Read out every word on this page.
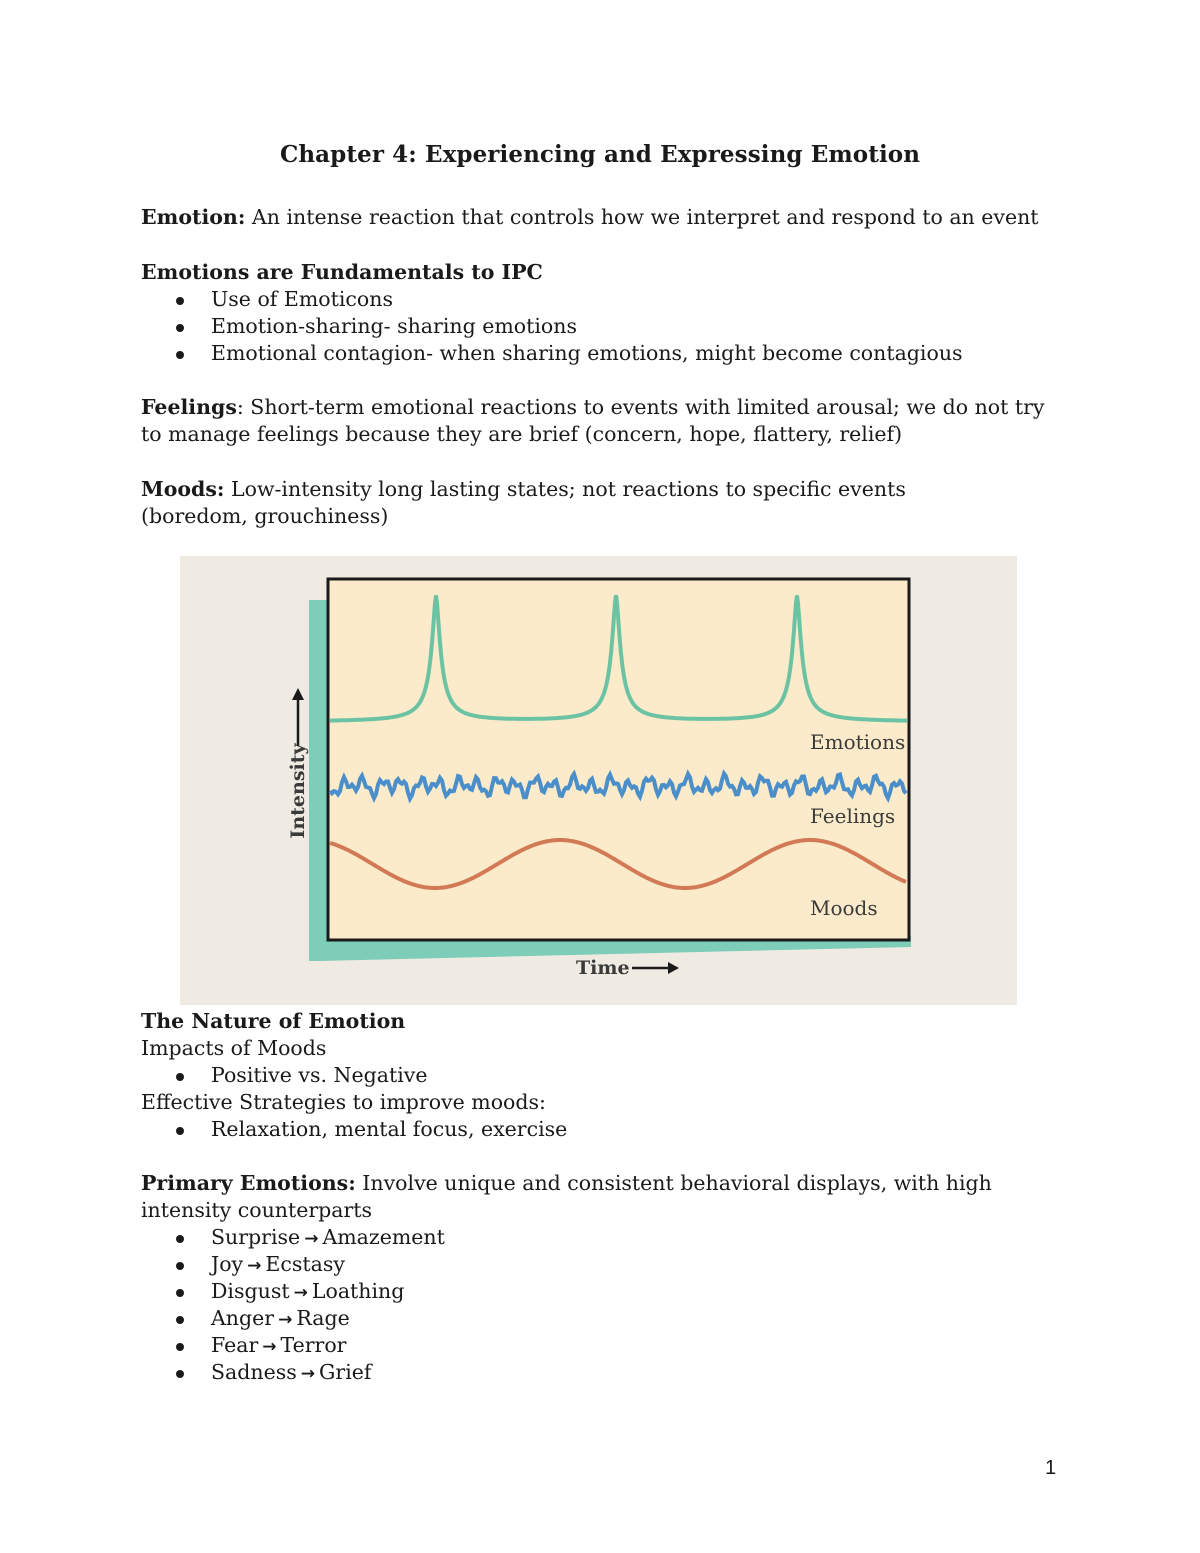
Chapter 4: Experiencing and Expressing Emotion
Emotion: An intense reaction that controls how we interpret and respond to an event
Emotions are Fundamentals to IPC
Use of Emoticons
Emotion-sharing- sharing emotions
Emotional contagion- when sharing emotions, might become contagious
Feelings: Short-term emotional reactions to events with limited arousal; we do not try to manage feelings because they are brief (concern, hope, flattery, relief)
Moods: Low-intensity long lasting states; not reactions to specific events (boredom, grouchiness)
Emotions
Feelings
Moods
Intensity
Time
The Nature of Emotion
Impacts of Moods
Positive vs. Negative
Effective Strategies to improve moods:
Relaxation, mental focus, exercise
Primary Emotions: Involve unique and consistent behavioral displays, with high intensity counterparts
Surprise → Amazement
Joy → Ecstasy
Disgust → Loathing
Anger → Rage
Fear → Terror
Sadness → Grief
1
